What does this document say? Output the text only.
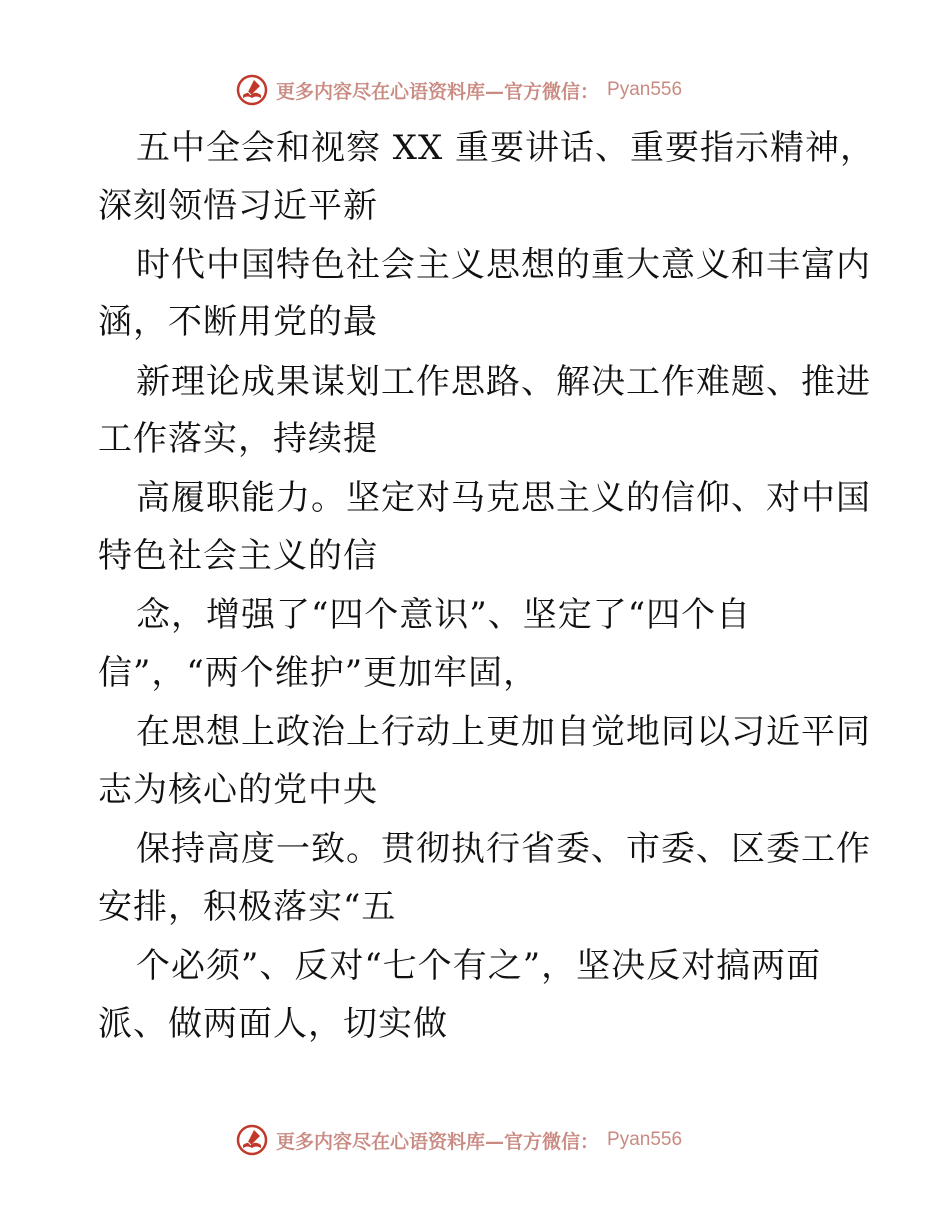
更多内容尽在心语资料库—官方微信： Pyan556

五中全会和视察 XX 重要讲话、重要指示精神，

深刻领悟习近平新

时代中国特色社会主义思想的重大意义和丰富内

涵，不断用党的最

新理论成果谋划工作思路、解决工作难题、推进

工作落实，持续提

高履职能力。坚定对马克思主义的信仰、对中国

特色社会主义的信

念，增强了“四个意识”、坚定了“四个自

信”，“两个维护”更加牢固，

在思想上政治上行动上更加自觉地同以习近平同

志为核心的党中央

保持高度一致。贯彻执行省委、市委、区委工作

安排，积极落实“五

个必须”、反对“七个有之”，坚决反对搞两面

派、做两面人，切实做

更多内容尽在心语资料库—官方微信： Pyan556
